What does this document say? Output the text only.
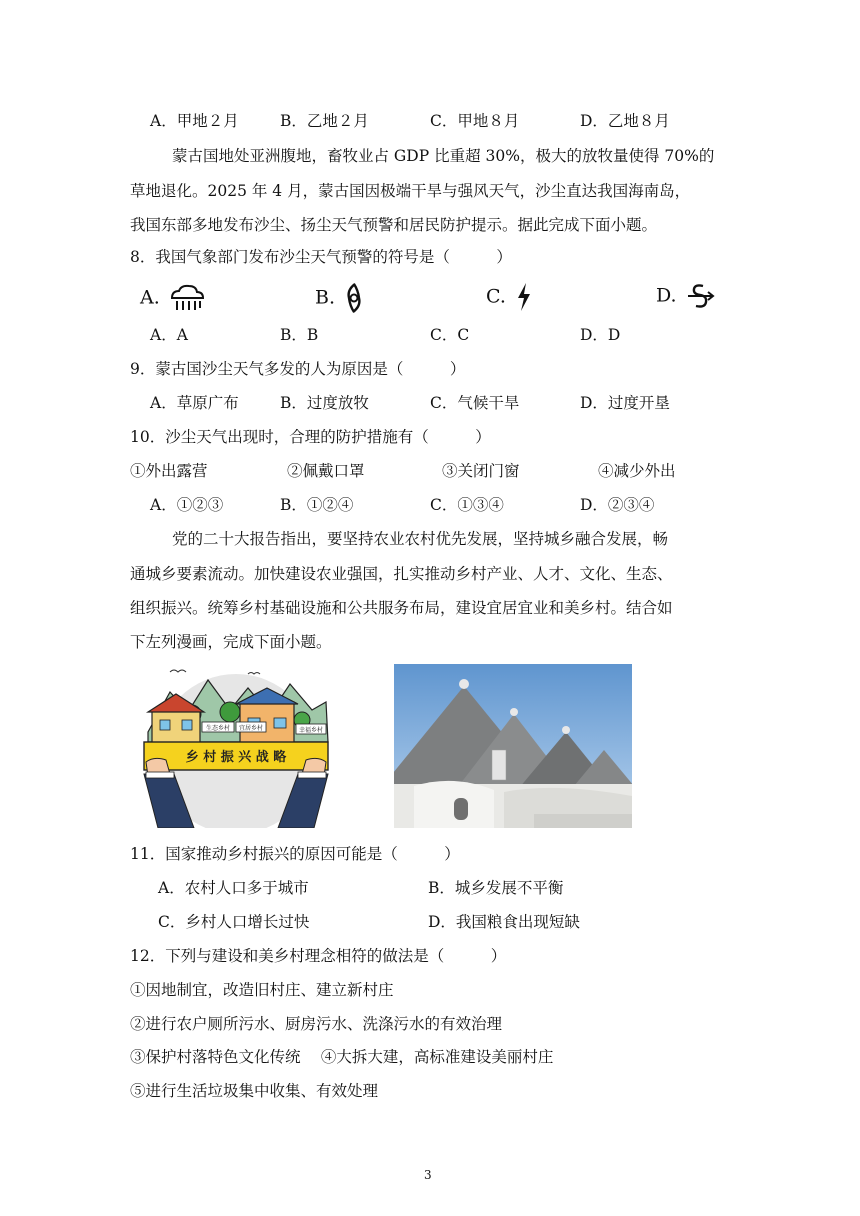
A．甲地２月	B．乙地２月	C．甲地８月	D．乙地８月
蒙古国地处亚洲腹地，畜牧业占 GDP 比重超 30%，极大的放牧量使得 70%的
草地退化。2025 年 4 月，蒙古国因极端干旱与强风天气，沙尘直达我国海南岛，
我国东部多地发布沙尘、扬尘天气预警和居民防护提示。据此完成下面小题。
8．我国气象部门发布沙尘天气预警的符号是（　　　）
A.	B.	C.	D.
A．A	B．B	C．C	D．D
9．蒙古国沙尘天气多发的人为原因是（　　　）
A．草原广布	B．过度放牧	C．气候干旱	D．过度开垦
10．沙尘天气出现时，合理的防护措施有（　　　）
①外出露营	②佩戴口罩	③关闭门窗	④减少外出
A．①②③	B．①②④	C．①③④	D．②③④
党的二十大报告指出，要坚持农业农村优先发展，坚持城乡融合发展，畅
通城乡要素流动。加快建设农业强国，扎实推动乡村产业、人才、文化、生态、
组织振兴。统筹乡村基础设施和公共服务布局，建设宜居宜业和美乡村。结合如
下左列漫画，完成下面小题。
生态乡村 宜居乡村	幸福乡村
乡 村 振 兴 战 略
11．国家推动乡村振兴的原因可能是（　　　）
A．农村人口多于城市	B．城乡发展不平衡
C．乡村人口增长过快	D．我国粮食出现短缺
12．下列与建设和美乡村理念相符的做法是（　　　）
①因地制宜，改造旧村庄、建立新村庄
②进行农户厕所污水、厨房污水、洗涤污水的有效治理
③保护村落特色文化传统　 ④大拆大建，高标准建设美丽村庄
⑤进行生活垃圾集中收集、有效处理
3
